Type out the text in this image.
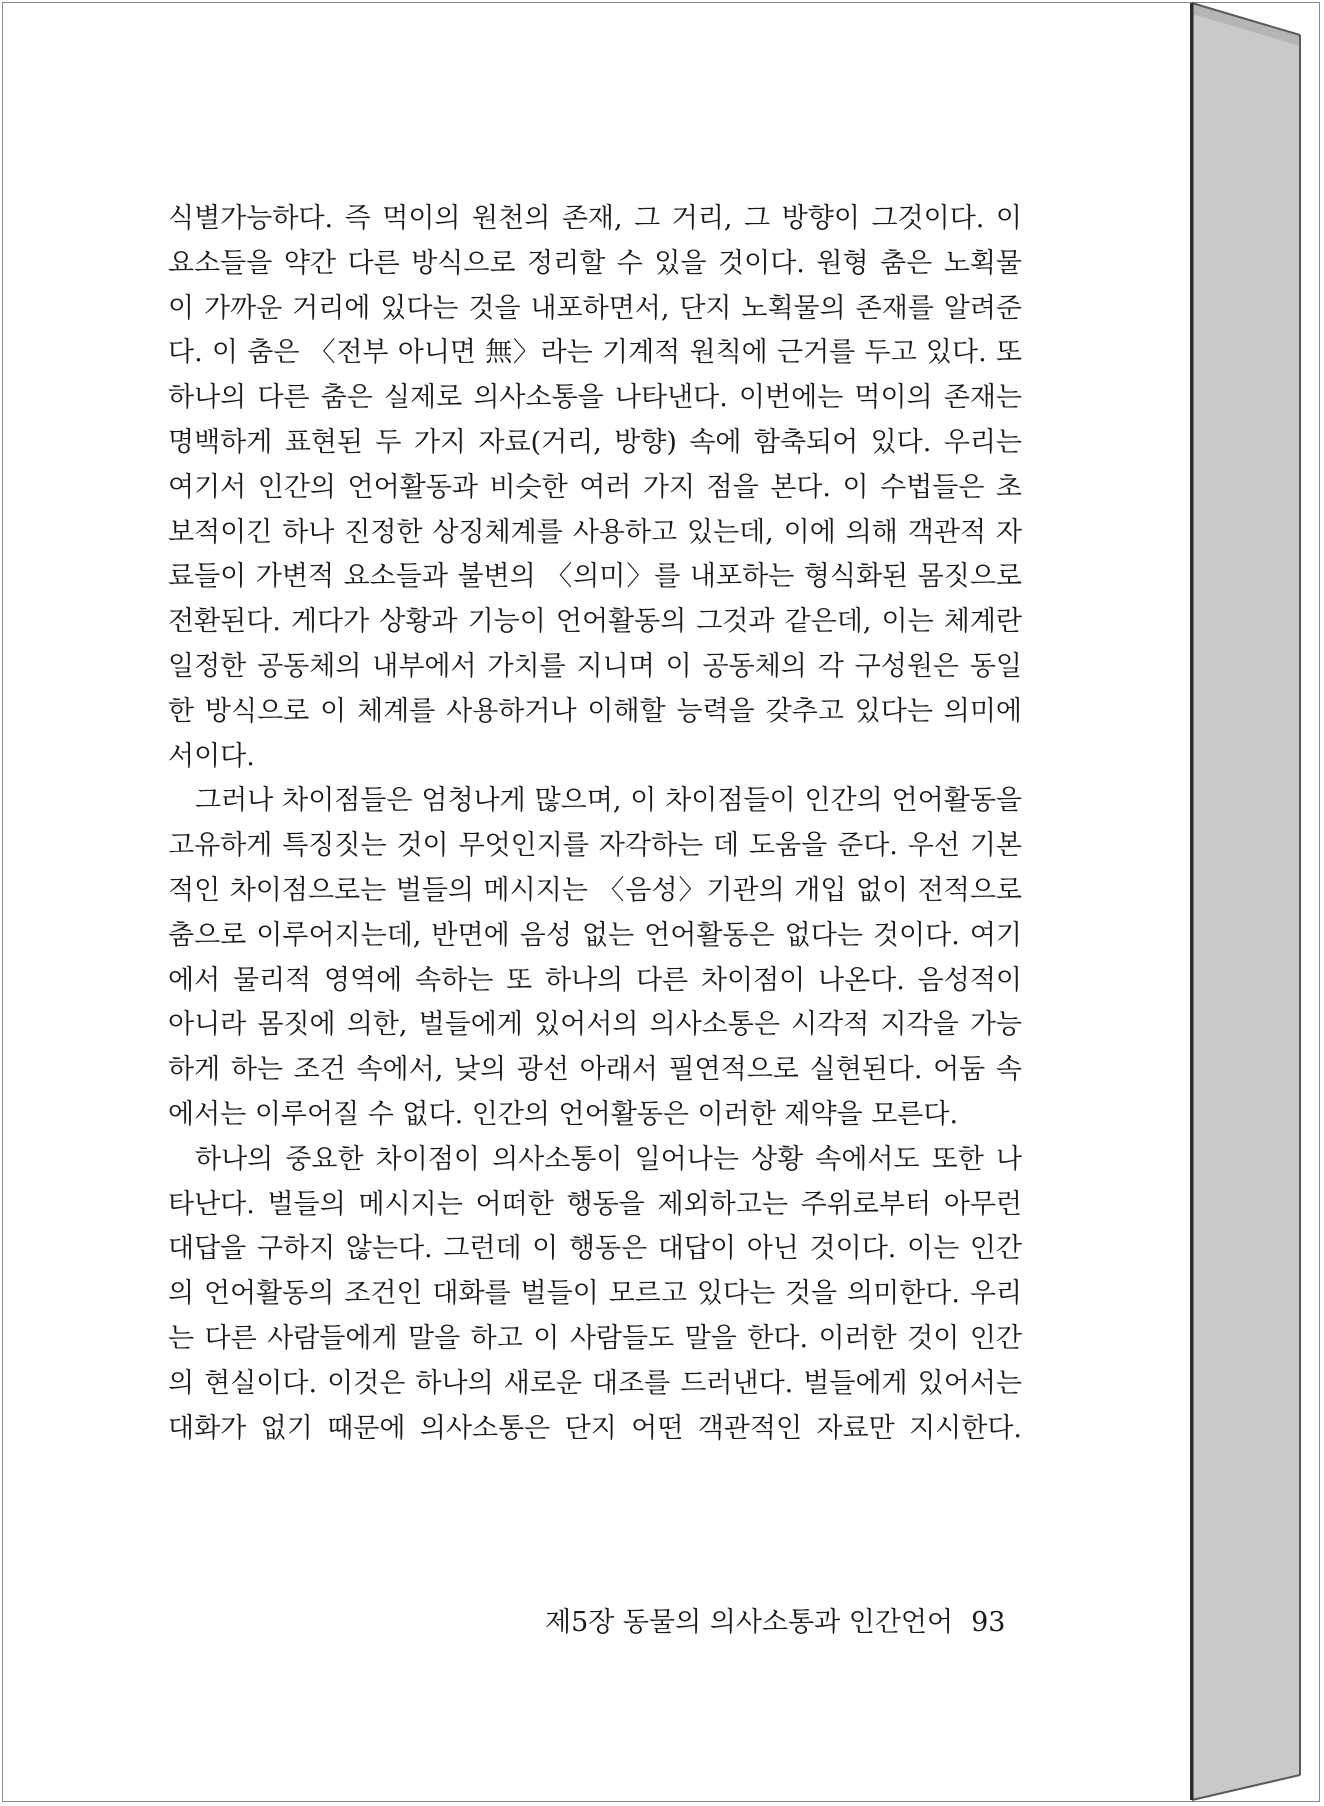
식별가능하다. 즉 먹이의 원천의 존재, 그 거리, 그 방향이 그것이다. 이
요소들을 약간 다른 방식으로 정리할 수 있을 것이다. 원형 춤은 노획물
이 가까운 거리에 있다는 것을 내포하면서, 단지 노획물의 존재를 알려준
다. 이 춤은 〈전부 아니면 無〉라는 기계적 원칙에 근거를 두고 있다. 또
하나의 다른 춤은 실제로 의사소통을 나타낸다. 이번에는 먹이의 존재는
명백하게 표현된 두 가지 자료(거리, 방향) 속에 함축되어 있다. 우리는
여기서 인간의 언어활동과 비슷한 여러 가지 점을 본다. 이 수법들은 초
보적이긴 하나 진정한 상징체계를 사용하고 있는데, 이에 의해 객관적 자
료들이 가변적 요소들과 불변의 〈의미〉를 내포하는 형식화된 몸짓으로
전환된다. 게다가 상황과 기능이 언어활동의 그것과 같은데, 이는 체계란
일정한 공동체의 내부에서 가치를 지니며 이 공동체의 각 구성원은 동일
한 방식으로 이 체계를 사용하거나 이해할 능력을 갖추고 있다는 의미에
서이다.
그러나 차이점들은 엄청나게 많으며, 이 차이점들이 인간의 언어활동을
고유하게 특징짓는 것이 무엇인지를 자각하는 데 도움을 준다. 우선 기본
적인 차이점으로는 벌들의 메시지는 〈음성〉기관의 개입 없이 전적으로
춤으로 이루어지는데, 반면에 음성 없는 언어활동은 없다는 것이다. 여기
에서 물리적 영역에 속하는 또 하나의 다른 차이점이 나온다. 음성적이
아니라 몸짓에 의한, 벌들에게 있어서의 의사소통은 시각적 지각을 가능
하게 하는 조건 속에서, 낮의 광선 아래서 필연적으로 실현된다. 어둠 속
에서는 이루어질 수 없다. 인간의 언어활동은 이러한 제약을 모른다.
하나의 중요한 차이점이 의사소통이 일어나는 상황 속에서도 또한 나
타난다. 벌들의 메시지는 어떠한 행동을 제외하고는 주위로부터 아무런
대답을 구하지 않는다. 그런데 이 행동은 대답이 아닌 것이다. 이는 인간
의 언어활동의 조건인 대화를 벌들이 모르고 있다는 것을 의미한다. 우리
는 다른 사람들에게 말을 하고 이 사람들도 말을 한다. 이러한 것이 인간
의 현실이다. 이것은 하나의 새로운 대조를 드러낸다. 벌들에게 있어서는
대화가 없기 때문에 의사소통은 단지 어떤 객관적인 자료만 지시한다.
제5장 동물의 의사소통과 인간언어 93
